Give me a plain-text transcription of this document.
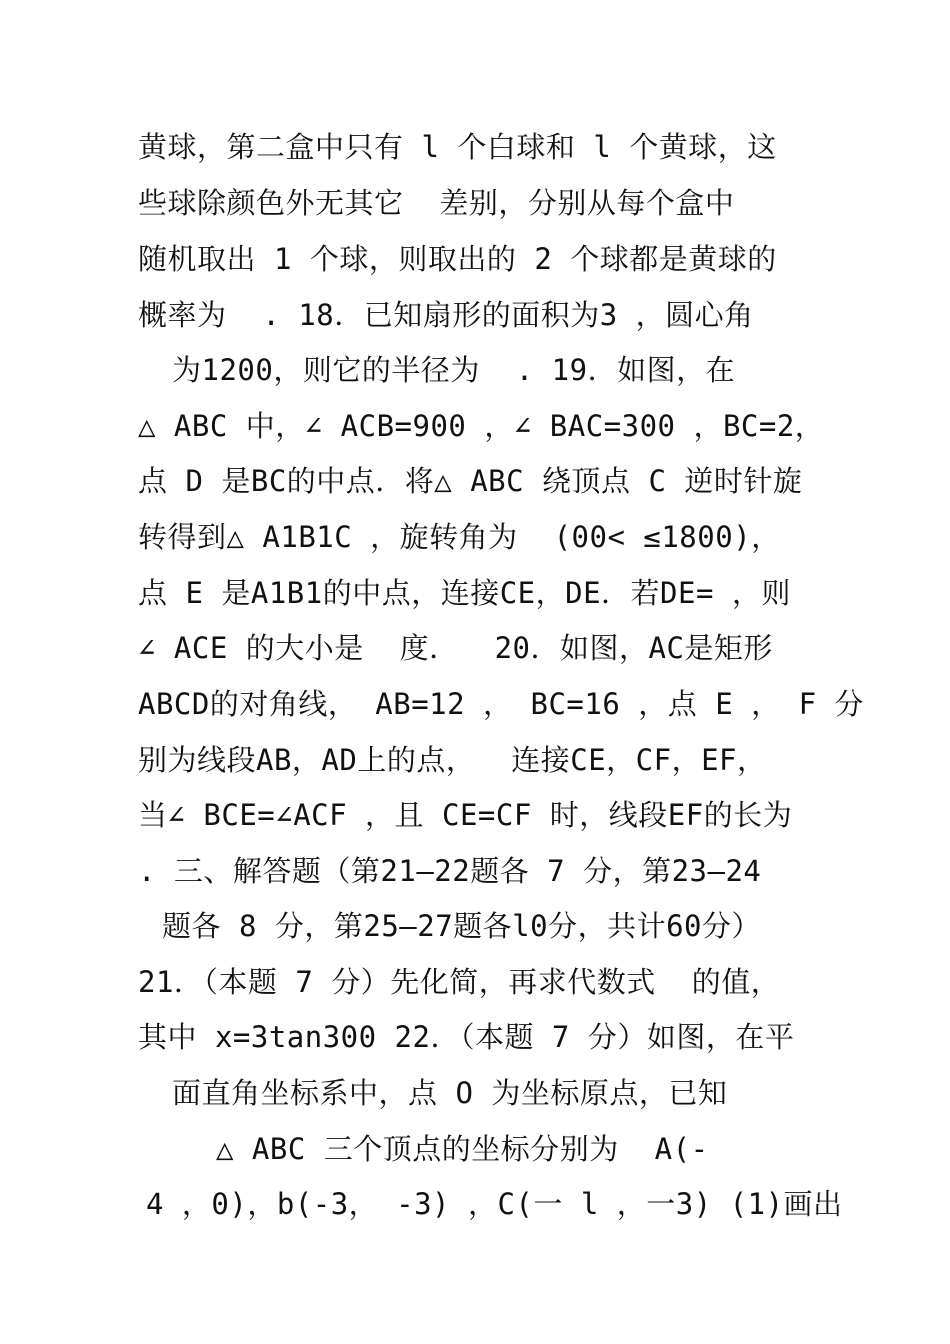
黄球，第二盒中只有 l 个白球和 l 个黄球，这
些球除颜色外无其它  差别，分别从每个盒中
随机取出 1 个球，则取出的 2 个球都是黄球的
概率为  . 18．已知扇形的面积为3 ，圆心角
为1200，则它的半径为  . 19．如图，在
△ ABC 中，∠ ACB=900 ，∠ BAC=300 ，BC=2，
点 D 是BC的中点．将△ ABC 绕顶点 C 逆时针旋
转得到△ A1B1C ，旋转角为  (00< ≤1800)，
点 E 是A1B1的中点，连接CE，DE．若DE= ，则
∠ ACE 的大小是  度．  20．如图，AC是矩形
ABCD的对角线， AB=12 ， BC=16 ，点 E ， F 分
别为线段AB，AD上的点，  连接CE，CF，EF，
当∠ BCE=∠ACF ，且 CE=CF 时，线段EF的长为
. 三、解答题（第21—22题各 7 分，第23—24
题各 8 分，第25—27题各l0分，共计60分）
21．（本题 7 分）先化简，再求代数式  的值，
其中 x=3tan300 22．（本题 7 分）如图，在平
面直角坐标系中，点 O 为坐标原点，已知
△ ABC 三个顶点的坐标分别为  A(-
4 ，0)，b(-3， -3) ，C(一 l ，一3) (1)画出
